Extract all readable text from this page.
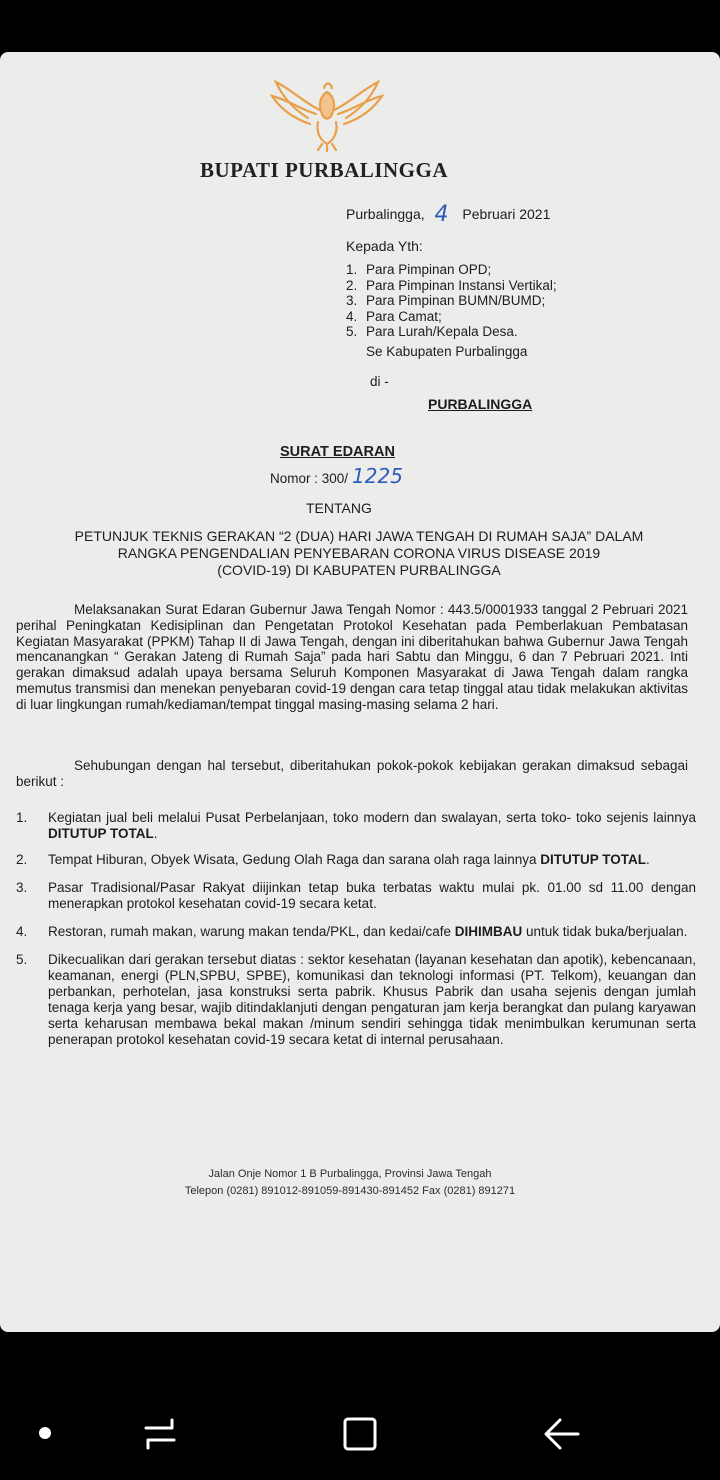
BUPATI PURBALINGGA
Purbalingga, 4 Pebruari 2021
Kepada Yth:
1. Para Pimpinan OPD;
2. Para Pimpinan Instansi Vertikal;
3. Para Pimpinan BUMN/BUMD;
4. Para Camat;
5. Para Lurah/Kepala Desa.
Se Kabupaten Purbalingga
di -
PURBALINGGA
SURAT EDARAN
Nomor : 300/ 1225
TENTANG
PETUNJUK TEKNIS GERAKAN “2 (DUA) HARI JAWA TENGAH DI RUMAH SAJA” DALAM
RANGKA PENGENDALIAN PENYEBARAN CORONA VIRUS DISEASE 2019
(COVID-19) DI KABUPATEN PURBALINGGA

Melaksanakan Surat Edaran Gubernur Jawa Tengah Nomor : 443.5/0001933 tanggal 2 Pebruari 2021 perihal Peningkatan Kedisiplinan dan Pengetatan Protokol Kesehatan pada Pemberlakuan Pembatasan Kegiatan Masyarakat (PPKM) Tahap II di Jawa Tengah, dengan ini diberitahukan bahwa Gubernur Jawa Tengah mencanangkan “ Gerakan Jateng di Rumah Saja” pada hari Sabtu dan Minggu, 6 dan 7 Pebruari 2021. Inti gerakan dimaksud adalah upaya bersama Seluruh Komponen Masyarakat di Jawa Tengah dalam rangka memutus transmisi dan menekan penyebaran covid-19 dengan cara tetap tinggal atau tidak melakukan aktivitas di luar lingkungan rumah/kediaman/tempat tinggal masing-masing selama 2 hari.

Sehubungan dengan hal tersebut, diberitahukan pokok-pokok kebijakan gerakan dimaksud sebagai berikut :

1.	Kegiatan jual beli melalui Pusat Perbelanjaan, toko modern dan swalayan, serta toko- toko sejenis lainnya DITUTUP TOTAL.
2.	Tempat Hiburan, Obyek Wisata, Gedung Olah Raga dan sarana olah raga lainnya DITUTUP TOTAL.
3.	Pasar Tradisional/Pasar Rakyat diijinkan tetap buka terbatas waktu mulai pk. 01.00 sd 11.00 dengan menerapkan protokol kesehatan covid-19 secara ketat.
4.	Restoran, rumah makan, warung makan tenda/PKL, dan kedai/cafe DIHIMBAU untuk tidak buka/berjualan.
5.	Dikecualikan dari gerakan tersebut diatas : sektor kesehatan (layanan kesehatan dan apotik), kebencanaan, keamanan, energi (PLN,SPBU, SPBE), komunikasi dan teknologi informasi (PT. Telkom), keuangan dan perbankan, perhotelan, jasa konstruksi serta pabrik. Khusus Pabrik dan usaha sejenis dengan jumlah tenaga kerja yang besar, wajib ditindaklanjuti dengan pengaturan jam kerja berangkat dan pulang karyawan serta keharusan membawa bekal makan /minum sendiri sehingga tidak menimbulkan kerumunan serta penerapan protokol kesehatan covid-19 secara ketat di internal perusahaan.
Jalan Onje Nomor 1 B Purbalingga, Provinsi Jawa Tengah
Telepon (0281) 891012-891059-891430-891452 Fax (0281) 891271
